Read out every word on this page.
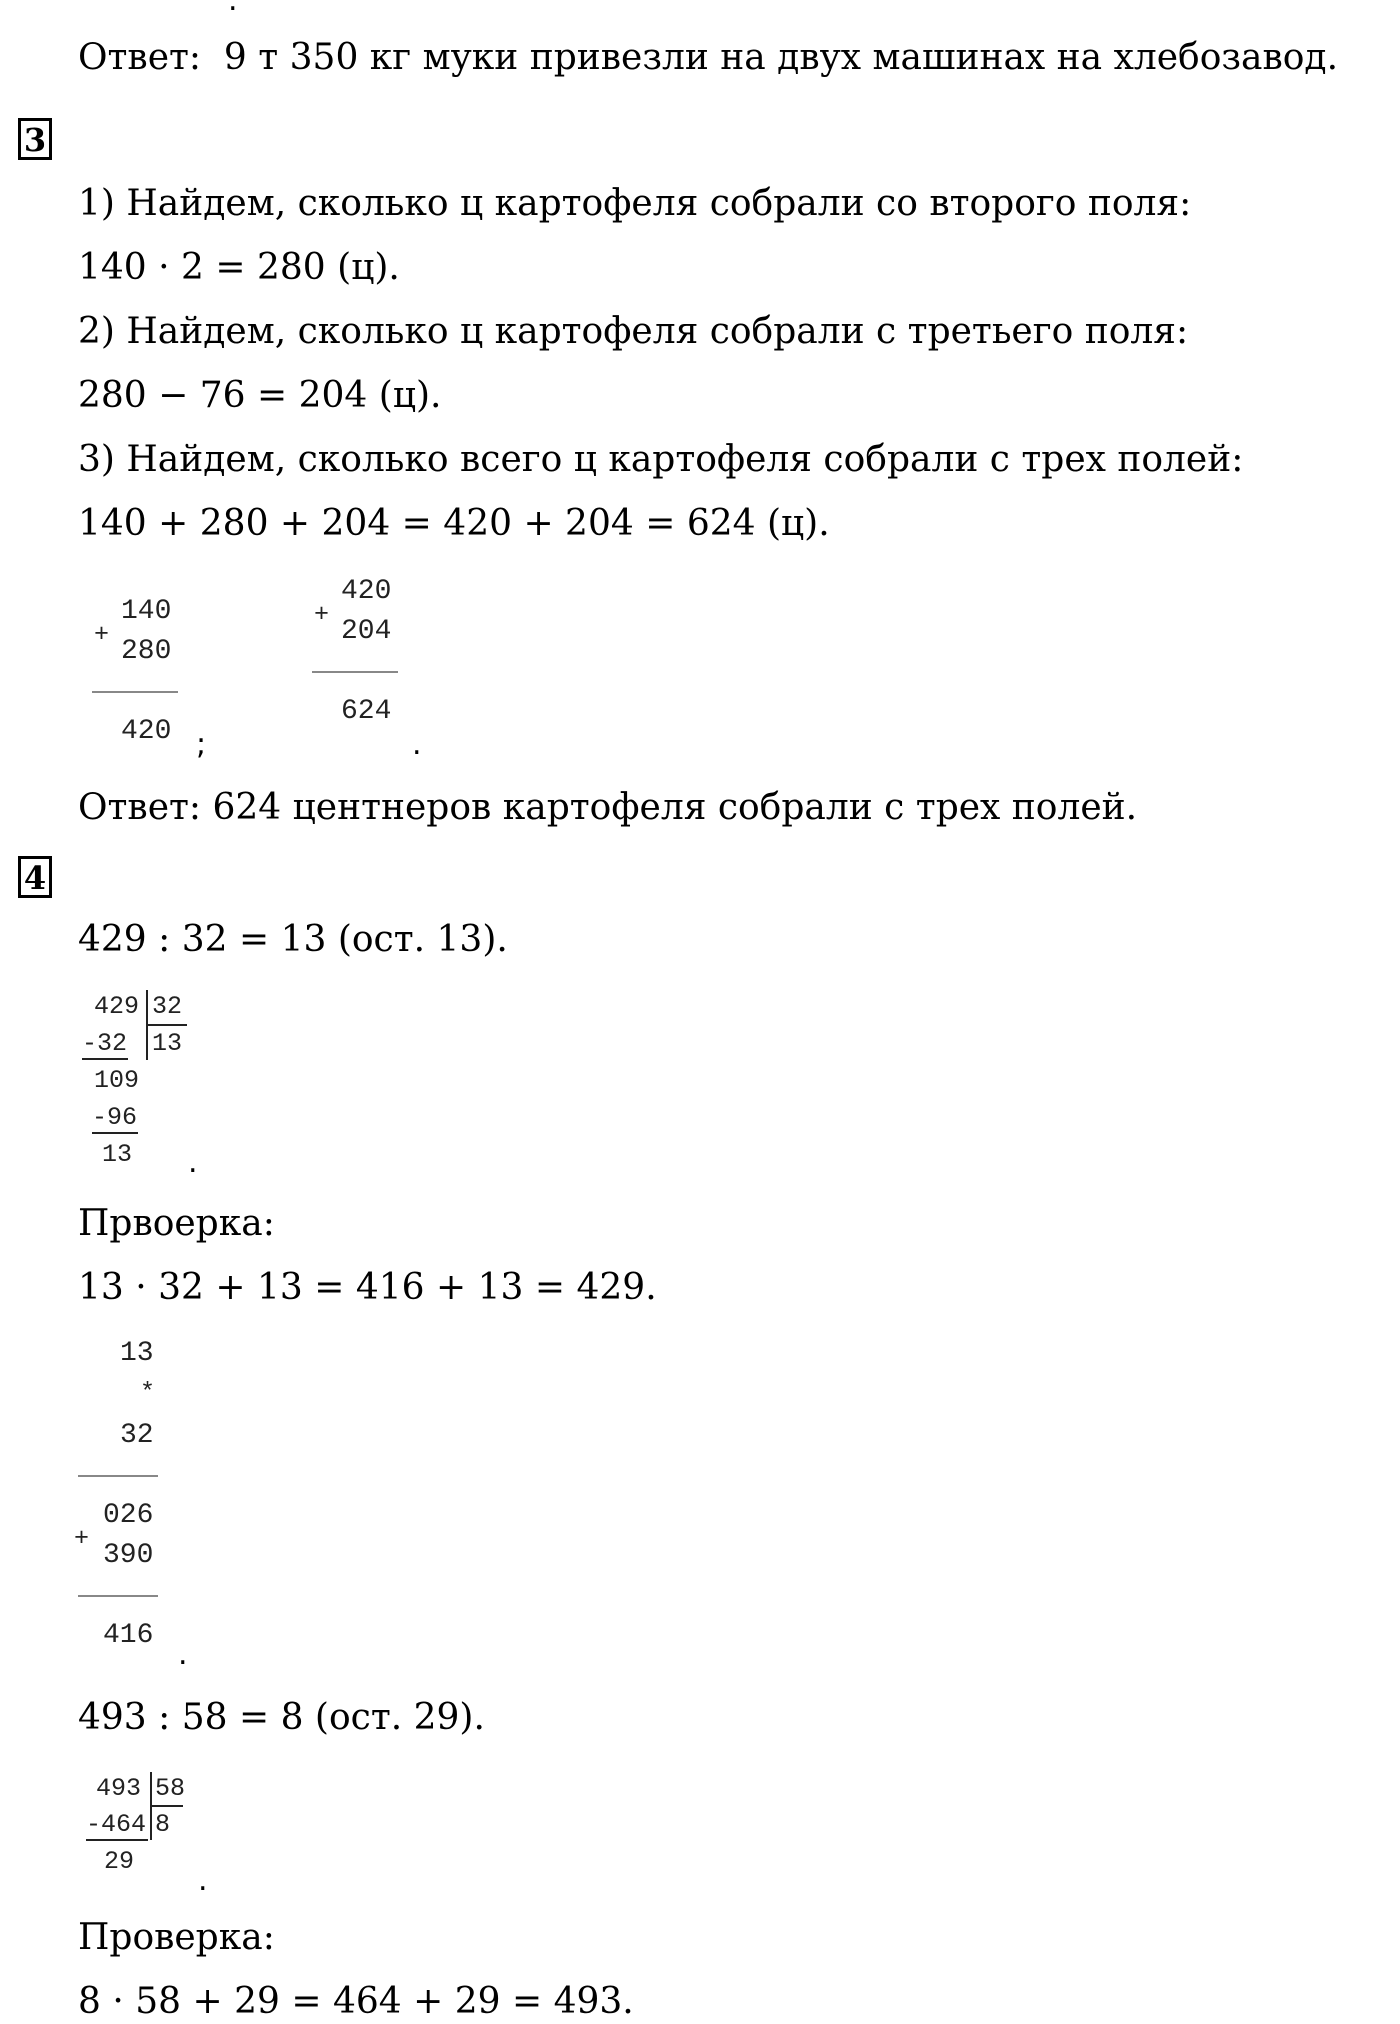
.
Ответ:  9 т 350 кг муки привезли на двух машинах на хлебозавод.
3
1) Найдем, сколько ц картофеля собрали со второго поля:
140 · 2 = 280 (ц).
2) Найдем, сколько ц картофеля собрали с третьего поля:
280 − 76 = 204 (ц).
3) Найдем, сколько всего ц картофеля собрали с трех полей:
140 + 280 + 204 = 420 + 204 = 624 (ц).
+
140
280
420 ;
+
420
204
624
.
Ответ: 624 центнеров картофеля собрали с трех полей.
4
429 : 32 = 13 (ост. 13).
429 32
13
-32
109
-96
13 .
Првоерка:
13 · 32 + 13 = 416 + 13 = 429.
13
*
32
026
+
390
416
.
493 : 58 = 8 (ост. 29).
493 58
8
-464
29
.
Проверка:
8 · 58 + 29 = 464 + 29 = 493.
